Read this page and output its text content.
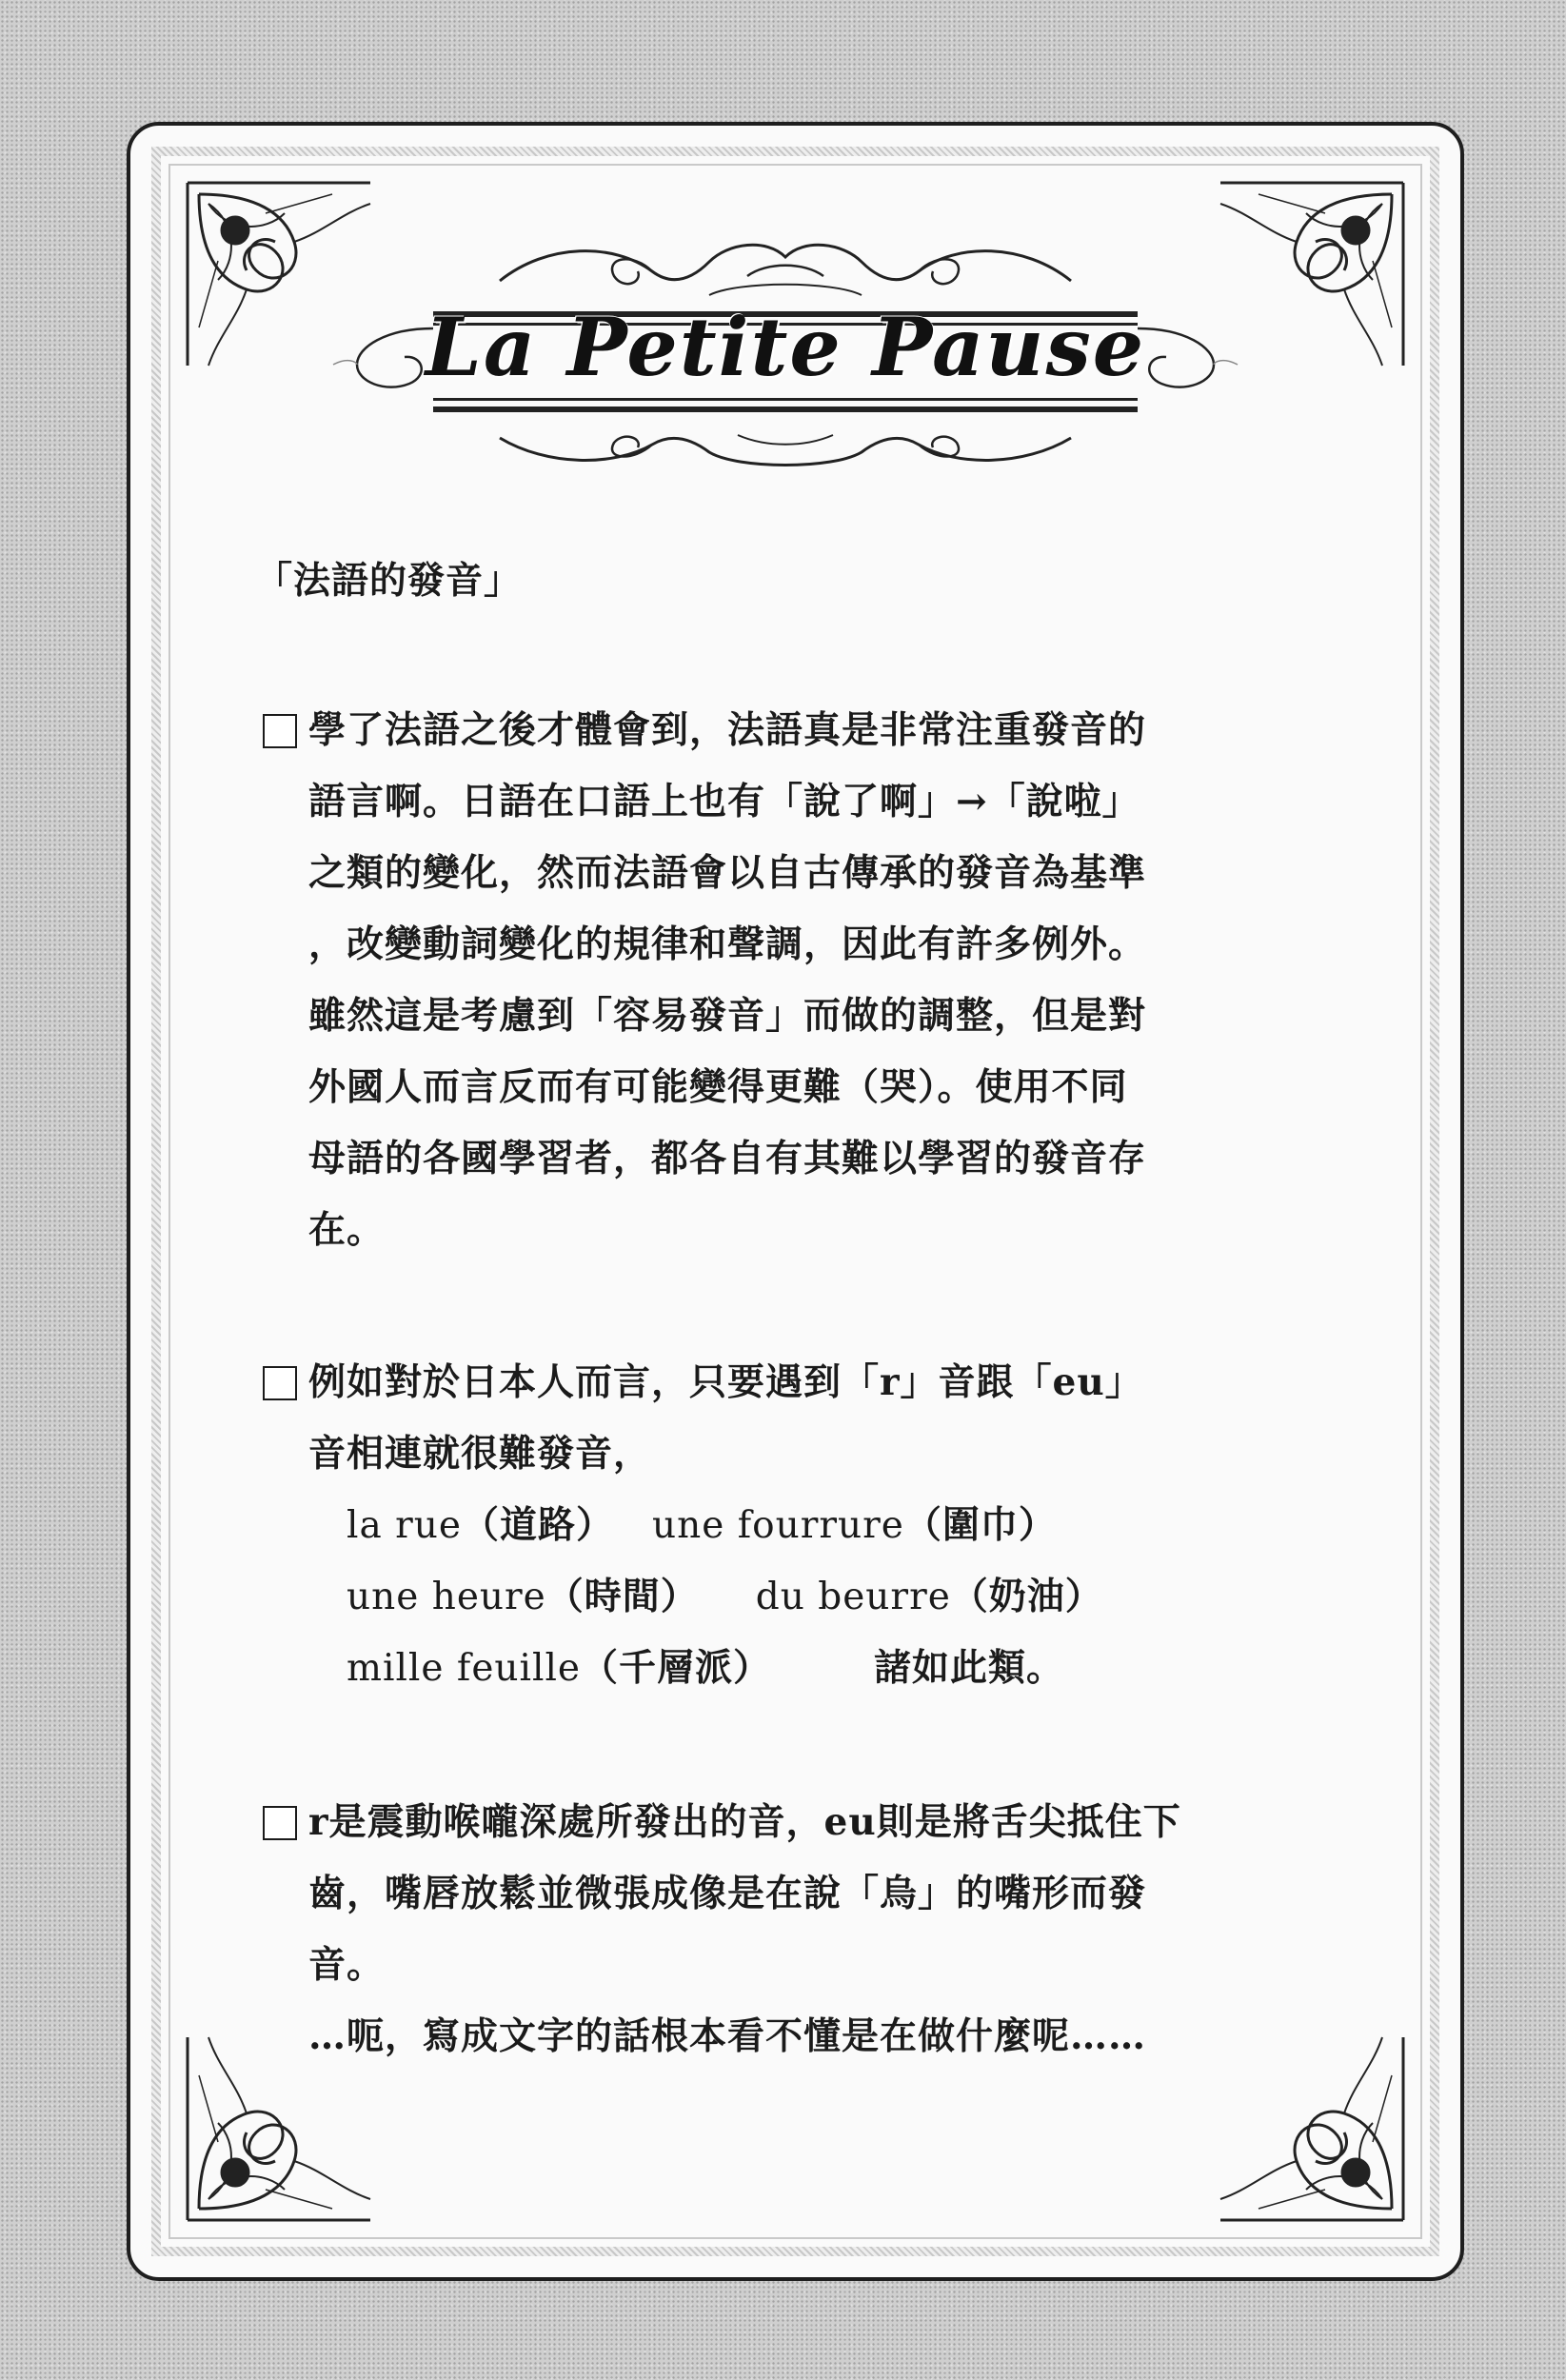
La Petite Pause
「法語的發音」

學了法語之後才體會到，法語真是非常注重發音的

語言啊。日語在口語上也有「說了啊」→「說啦」

之類的變化，然而法語會以自古傳承的發音為基準

，改變動詞變化的規律和聲調，因此有許多例外。

雖然這是考慮到「容易發音」而做的調整，但是對

外國人而言反而有可能變得更難（哭）。使用不同

母語的各國學習者，都各自有其難以學習的發音存

在。

例如對於日本人而言，只要遇到「r」音跟「eu」

音相連就很難發音，

la rue （道路） une fourrure （圍巾）
une heure （時間） du beurre （奶油）
mille feuille （千層派）	諸如此類。

r是震動喉嚨深處所發出的音，eu則是將舌尖抵住下

齒，嘴唇放鬆並微張成像是在說「烏」的嘴形而發

音。

…呃，寫成文字的話根本看不懂是在做什麼呢……
